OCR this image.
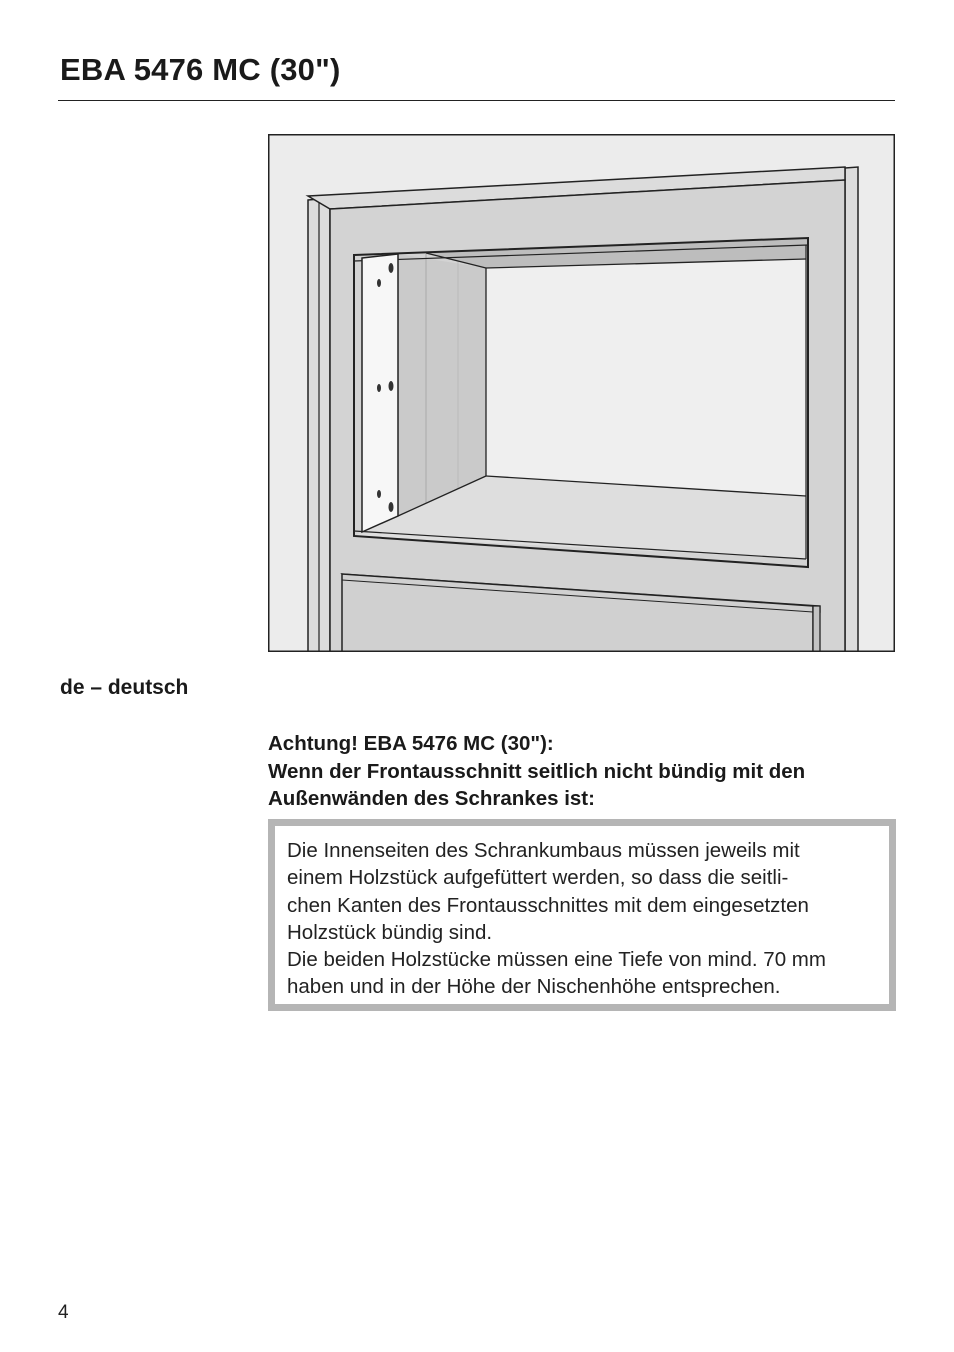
EBA 5476 MC (30")
de – deutsch
Achtung! EBA 5476 MC (30"):
Wenn der Frontausschnitt seitlich nicht bündig mit den
Außenwänden des Schrankes ist:

Die Innenseiten des Schrankumbaus müssen jeweils mit
einem Holzstück aufgefüttert werden, so dass die seitli-
chen Kanten des Frontausschnittes mit dem eingesetzten
Holzstück bündig sind.
Die beiden Holzstücke müssen eine Tiefe von mind. 70 mm
haben und in der Höhe der Nischenhöhe entsprechen.

4
